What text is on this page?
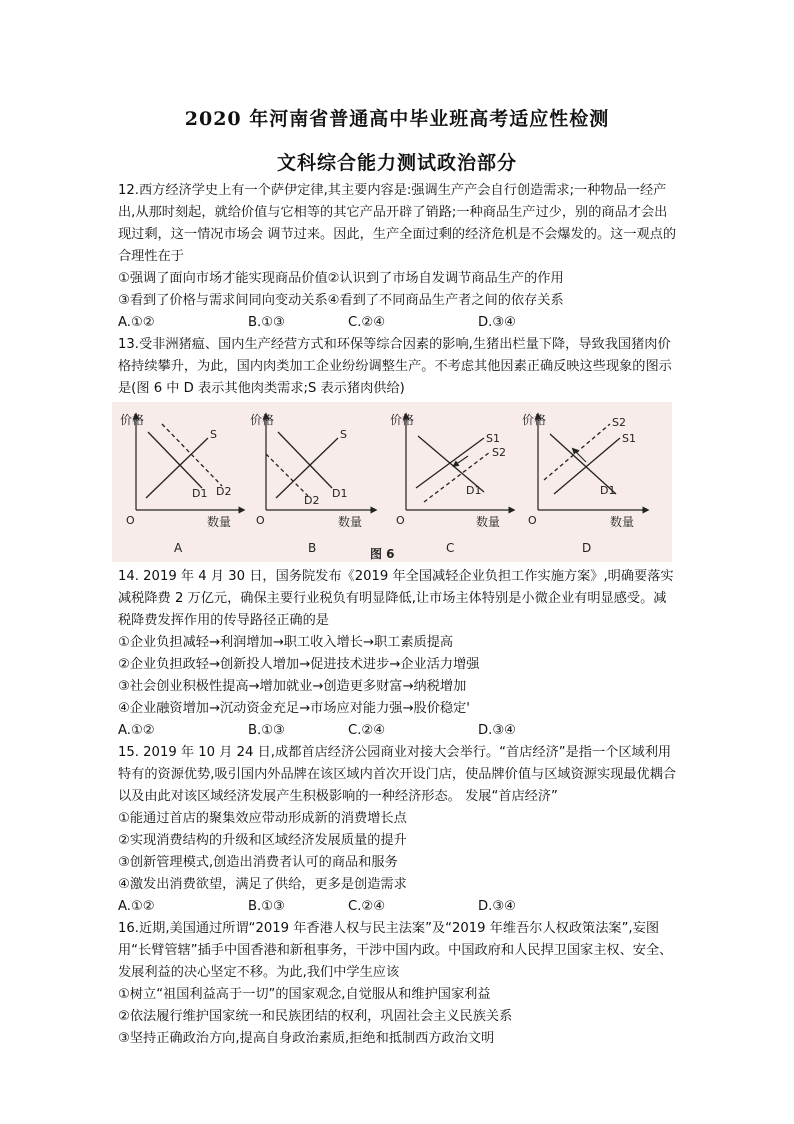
2020 年河南省普通高中毕业班高考适应性检测
文科综合能力测试政治部分

12.西方经济学史上有一个萨伊定律,其主要内容是:强调生产产会自行创造需求;一种物品一经产出,从那时刻起，就给价值与它相等的其它产品开辟了销路;一种商品生产过少，别的商品才会出现过剩，这一情况市场会 调节过来。因此，生产全面过剩的经济危机是不会爆发的。这一观点的合理性在于

①强调了面向市场才能实现商品价值②认识到了市场自发调节商品生产的作用

③看到了价格与需求间同向变动关系④看到了不同商品生产者之间的依存关系

A.①②	B.①③	C.②④	D.③④

13.受非洲猪瘟、国内生产经营方式和环保等综合因素的影响,生猪出栏量下降，导致我国猪肉价格持续攀升，为此，国内肉类加工企业纷纷调整生产。不考虑其他因素正确反映这些现象的图示是(图 6 中 D 表示其他肉类需求;S 表示猪肉供给)

价格
O	数量
S
D1 D2
A
价格
O	数量
S
D1
D2
B
价格
O	数量
S1
S2
D1
C
价格
O	数量
S2
S1
D1
D
图 6

14. 2019 年 4 月 30 日，国务院发布《2019 年全国减轻企业负担工作实施方案》,明确要落实减税降费 2 万亿元，确保主要行业税负有明显降低,让市场主体特别是小微企业有明显感受。减税降费发挥作用的传导路径正确的是

①企业负担减轻→利润增加→职工收入增长→职工素质提高

②企业负担政轻→创新投人增加→促进技术进步→企业活力增强

③社会创业积极性提高→增加就业→创造更多财富→纳税增加

④企业融资增加→沉动资金充足→市场应对能力强→股价稳定'

A.①②	B.①③	C.②④	D.③④

15. 2019 年 10 月 24 日,成都首店经济公园商业对接大会举行。“首店经济”是指一个区域利用特有的资源优势,吸引国内外品牌在该区域内首次开设门店，使品牌价值与区域资源实现最优耦合以及由此对该区域经济发展产生积极影响的一种经济形态。 发展“首店经济”

①能通过首店的聚集效应带动形成新的消费增长点

②实现消费结构的升级和区域经济发展质量的提升

③创新管理模式,创造出消费者认可的商品和服务

④激发出消费欲望，满足了供给，更多是创造需求

A.①②	B.①③	C.②④	D.③④

16.近期,美国通过所谓“2019 年香港人权与民主法案”及“2019 年维吾尔人权政策法案”,妄图用“长臂管辖”插手中国香港和新租事务，干涉中国内政。中国政府和人民捍卫国家主权、安全、发展利益的决心坚定不移。为此,我们中学生应该

①树立“祖国利益高于一切”的国家观念,自觉服从和维护国家利益

②依法履行维护国家统一和民族团结的权利，巩固社会主义民族关系

③坚持正确政治方向,提高自身政治素质,拒绝和抵制西方政治文明
